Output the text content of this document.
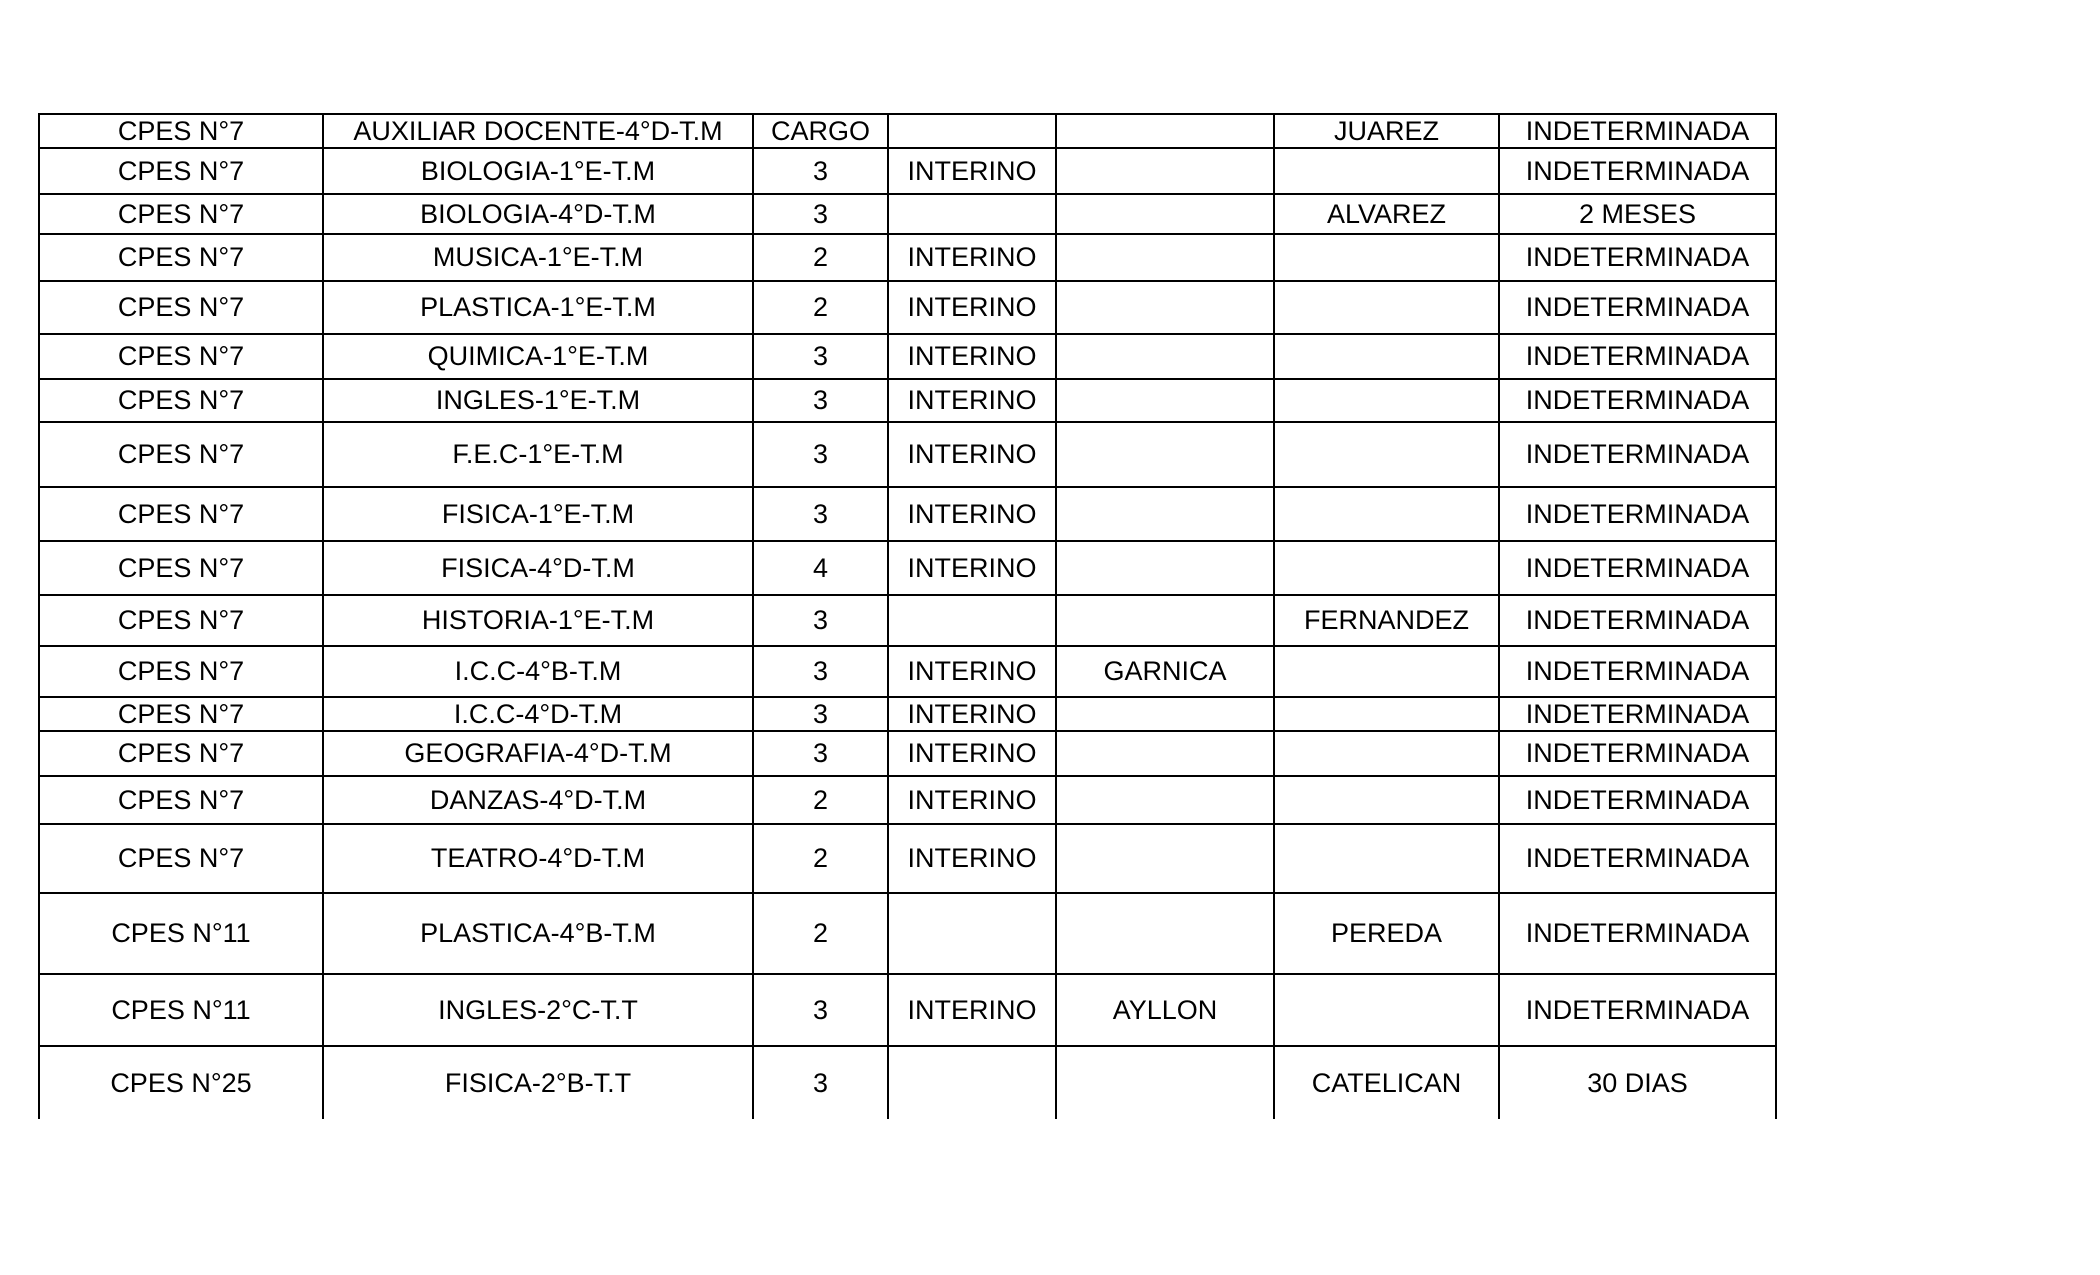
CPES N°7	AUXILIAR DOCENTE-4°D-T.M	CARGO			JUAREZ	INDETERMINADA
CPES N°7	BIOLOGIA-1°E-T.M	3	INTERINO			INDETERMINADA
CPES N°7	BIOLOGIA-4°D-T.M	3			ALVAREZ	2 MESES
CPES N°7	MUSICA-1°E-T.M	2	INTERINO			INDETERMINADA
CPES N°7	PLASTICA-1°E-T.M	2	INTERINO			INDETERMINADA
CPES N°7	QUIMICA-1°E-T.M	3	INTERINO			INDETERMINADA
CPES N°7	INGLES-1°E-T.M	3	INTERINO			INDETERMINADA
CPES N°7	F.E.C-1°E-T.M	3	INTERINO			INDETERMINADA
CPES N°7	FISICA-1°E-T.M	3	INTERINO			INDETERMINADA
CPES N°7	FISICA-4°D-T.M	4	INTERINO			INDETERMINADA
CPES N°7	HISTORIA-1°E-T.M	3			FERNANDEZ	INDETERMINADA
CPES N°7	I.C.C-4°B-T.M	3	INTERINO	GARNICA		INDETERMINADA
CPES N°7	I.C.C-4°D-T.M	3	INTERINO			INDETERMINADA
CPES N°7	GEOGRAFIA-4°D-T.M	3	INTERINO			INDETERMINADA
CPES N°7	DANZAS-4°D-T.M	2	INTERINO			INDETERMINADA
CPES N°7	TEATRO-4°D-T.M	2	INTERINO			INDETERMINADA
CPES N°11	PLASTICA-4°B-T.M	2			PEREDA	INDETERMINADA
CPES N°11	INGLES-2°C-T.T	3	INTERINO	AYLLON		INDETERMINADA
CPES N°25	FISICA-2°B-T.T	3			CATELICAN	30 DIAS
